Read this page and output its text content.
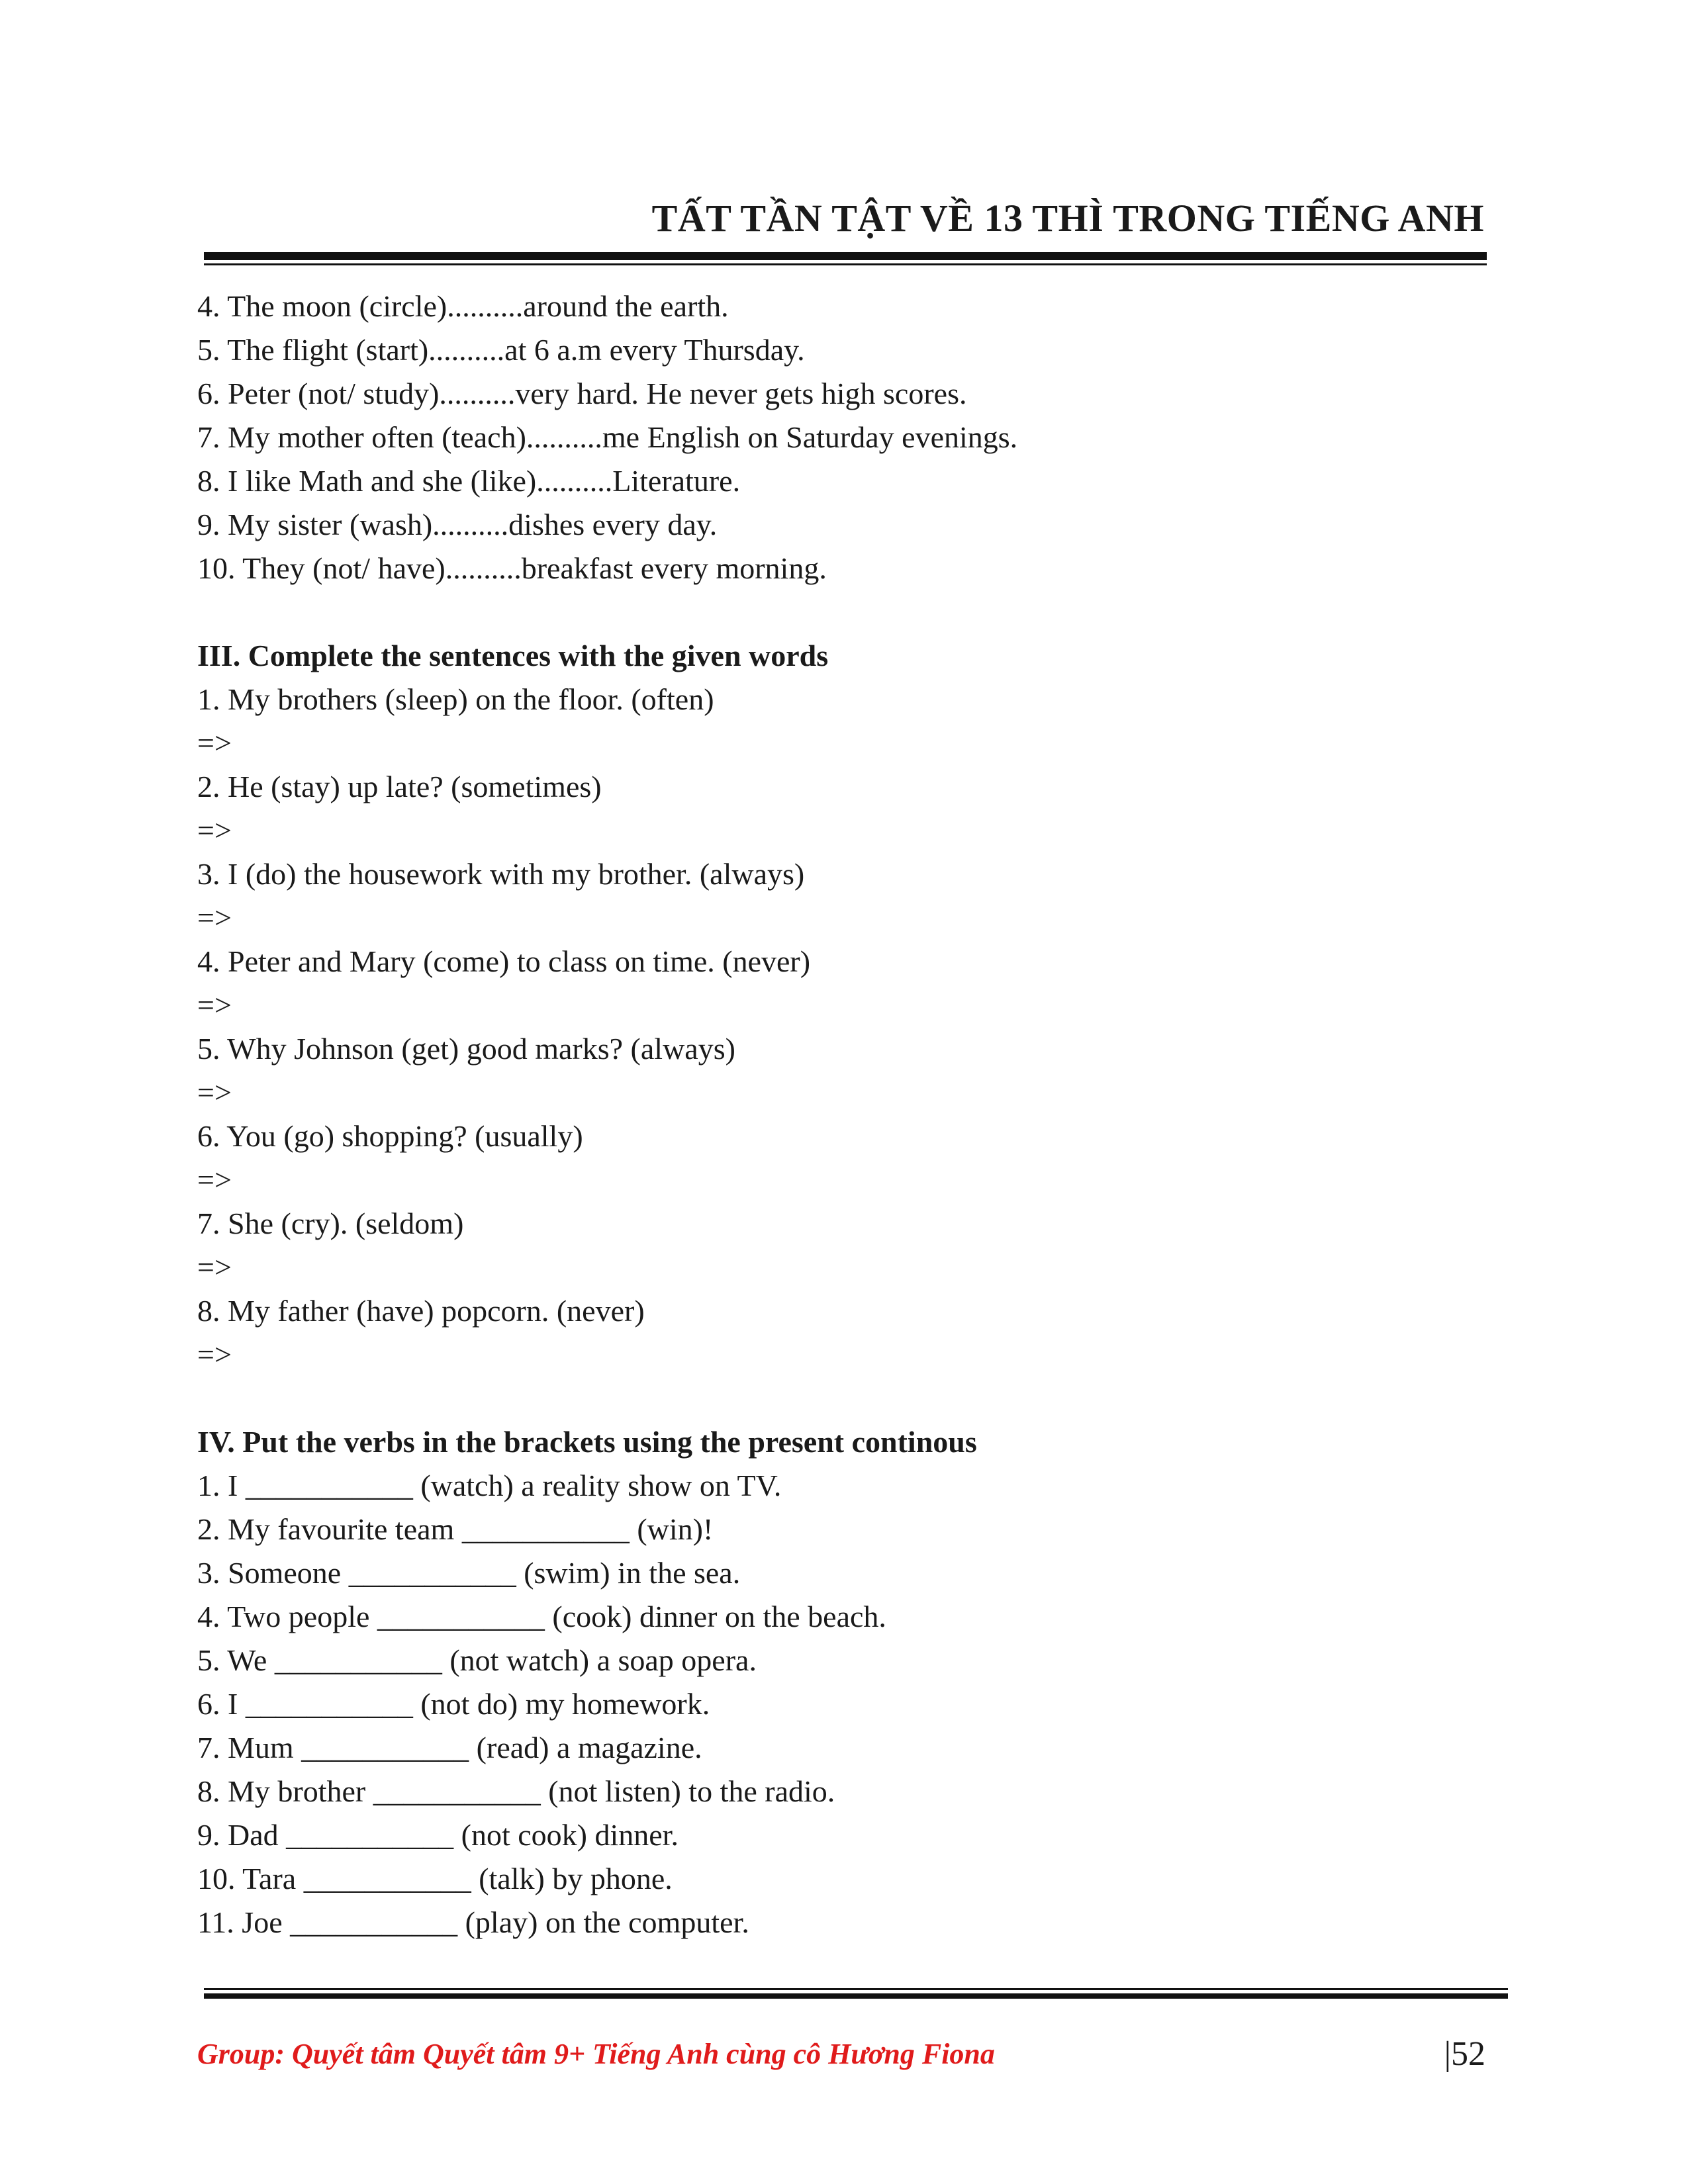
TẤT TẦN TẬT VỀ 13 THÌ TRONG TIẾNG ANH
4. The moon (circle)..........around the earth.
5. The flight (start)..........at 6 a.m every Thursday.
6. Peter (not/ study)..........very hard. He never gets high scores.
7. My mother often (teach)..........me English on Saturday evenings.
8. I like Math and she (like)..........Literature.
9. My sister (wash)..........dishes every day.
10. They (not/ have)..........breakfast every morning.
III. Complete the sentences with the given words
1. My brothers (sleep) on the floor. (often)
=>
2. He (stay) up late? (sometimes)
=>
3. I (do) the housework with my brother. (always)
=>
4. Peter and Mary (come) to class on time. (never)
=>
5. Why Johnson (get) good marks? (always)
=>
6. You (go) shopping? (usually)
=>
7. She (cry). (seldom)
=>
8. My father (have) popcorn. (never)
=>
IV. Put the verbs in the brackets using the present continous
1. I ___________ (watch) a reality show on TV.
2. My favourite team ___________ (win)!
3. Someone ___________ (swim) in the sea.
4. Two people ___________ (cook) dinner on the beach.
5. We ___________ (not watch) a soap opera.
6. I ___________ (not do) my homework.
7. Mum ___________ (read) a magazine.
8. My brother ___________ (not listen) to the radio.
9. Dad ___________ (not cook) dinner.
10. Tara ___________ (talk) by phone.
11. Joe ___________ (play) on the computer.
Group: Quyết tâm Quyết tâm 9+ Tiếng Anh cùng cô Hương Fiona	|52
